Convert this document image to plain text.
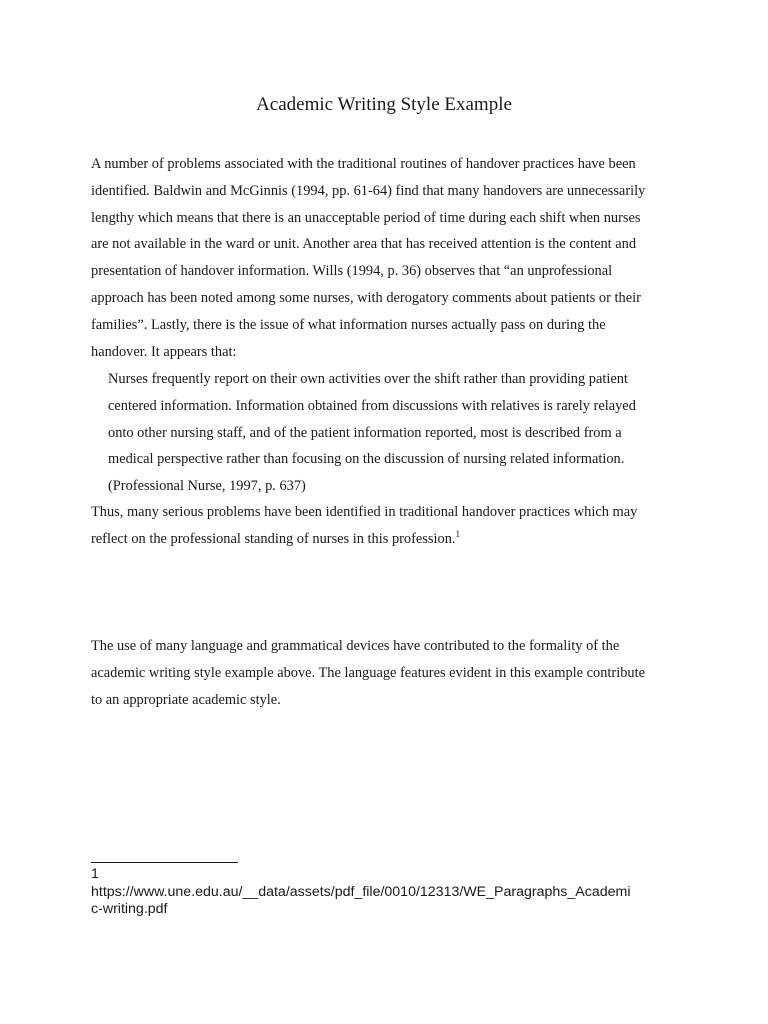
Academic Writing Style Example

A number of problems associated with the traditional routines of handover practices have been
identified. Baldwin and McGinnis (1994, pp. 61-64) find that many handovers are unnecessarily
lengthy which means that there is an unacceptable period of time during each shift when nurses
are not available in the ward or unit. Another area that has received attention is the content and
presentation of handover information. Wills (1994, p. 36) observes that “an unprofessional
approach has been noted among some nurses, with derogatory comments about patients or their
families”. Lastly, there is the issue of what information nurses actually pass on during the
handover. It appears that:

Nurses frequently report on their own activities over the shift rather than providing patient
centered information. Information obtained from discussions with relatives is rarely relayed
onto other nursing staff, and of the patient information reported, most is described from a
medical perspective rather than focusing on the discussion of nursing related information.
(Professional Nurse, 1997, p. 637)

Thus, many serious problems have been identified in traditional handover practices which may
reflect on the professional standing of nurses in this profession.$^1$

The use of many language and grammatical devices have contributed to the formality of the
academic writing style example above. The language features evident in this example contribute
to an appropriate academic style.

1
https://www.une.edu.au/__data/assets/pdf_file/0010/12313/WE_Paragraphs_Academi
c-writing.pdf
